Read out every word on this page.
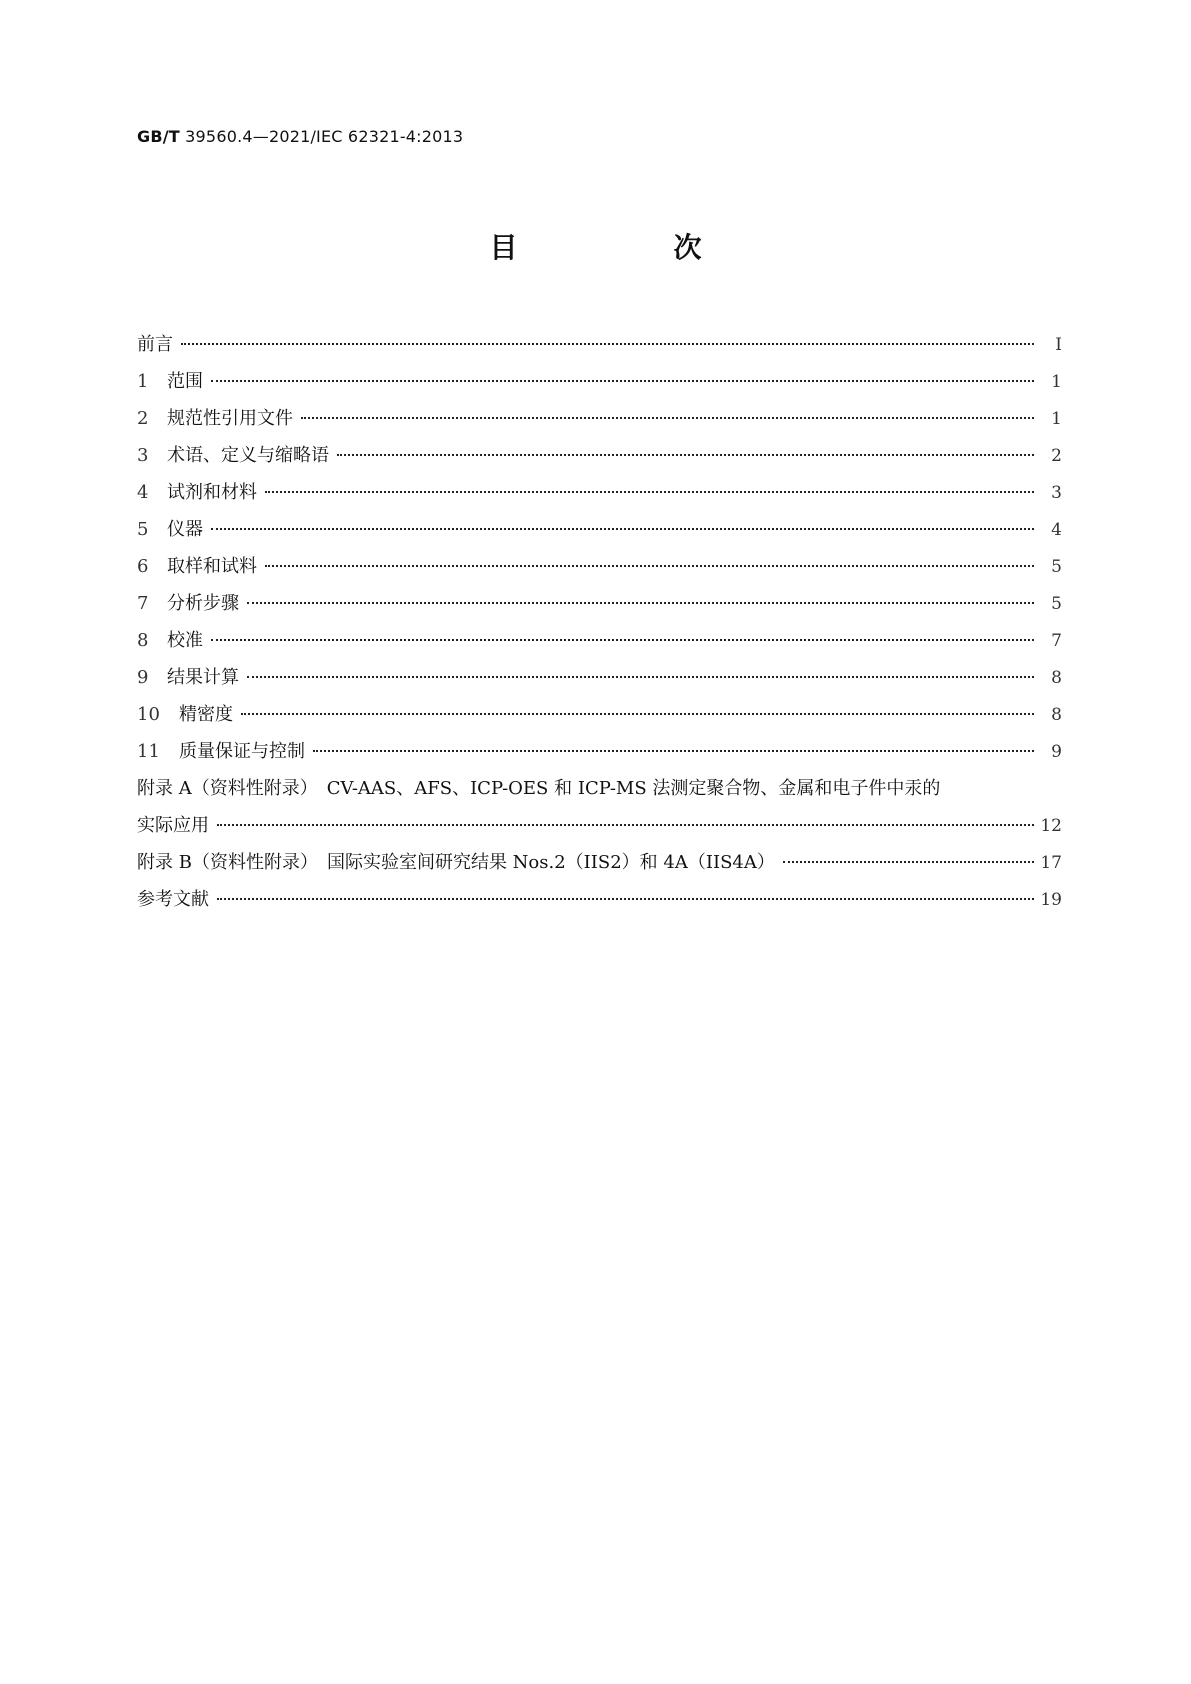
GB/T 39560.4—2021/IEC 62321-4:2013
目　次
前言	Ⅰ
1 范围	1
2 规范性引用文件	1
3 术语、定义与缩略语	2
4 试剂和材料	3
5 仪器	4
6 取样和试料	5
7 分析步骤	5
8 校准	7
9 结果计算	8
10 精密度	8
11 质量保证与控制	9
附录 A（资料性附录）　CV-AAS、AFS、ICP-OES 和 ICP-MS 法测定聚合物、金属和电子件中汞的
实际应用	12
附录 B（资料性附录）　国际实验室间研究结果 Nos.2（IIS2）和 4A（IIS4A）	17
参考文献	19
